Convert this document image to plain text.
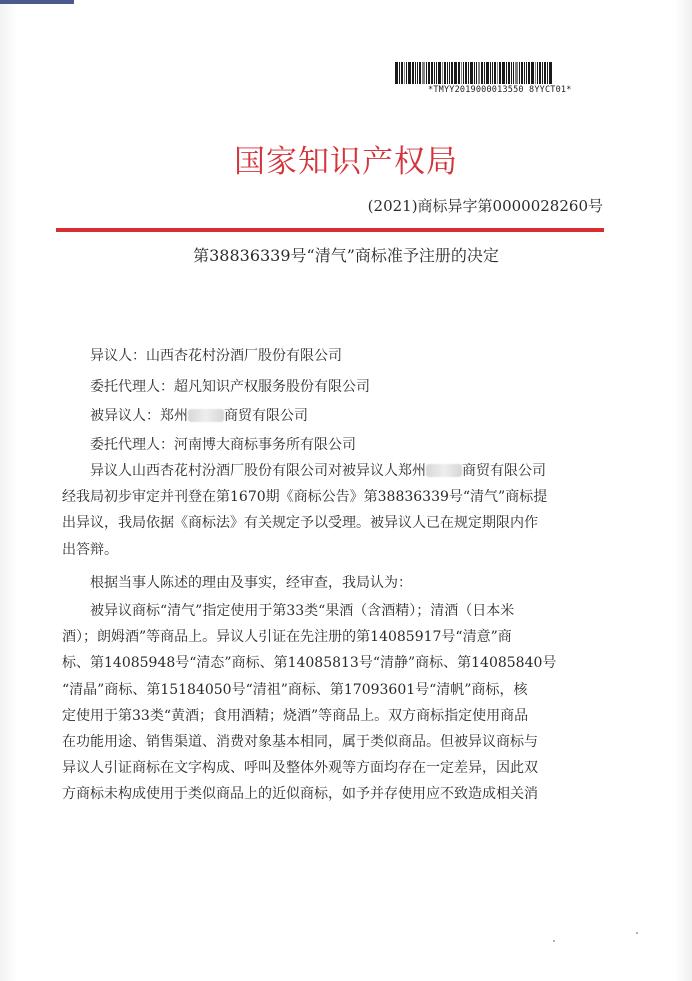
*TMYY2019000013550 8YYCT01*
国家知识产权局
(2021)商标异字第0000028260号
第38836339号“清气”商标准予注册的决定
异议人：山西杏花村汾酒厂股份有限公司
委托代理人：超凡知识产权服务股份有限公司
被异议人：郑州	商贸有限公司
委托代理人：河南博大商标事务所有限公司
异议人山西杏花村汾酒厂股份有限公司对被异议人郑州	商贸有限公司
经我局初步审定并刊登在第1670期《商标公告》第38836339号“清气”商标提
出异议，我局依据《商标法》有关规定予以受理。被异议人已在规定期限内作
出答辩。
根据当事人陈述的理由及事实，经审查，我局认为：
被异议商标“清气”指定使用于第33类“果酒（含酒精）；清酒（日本米
酒）；朗姆酒”等商品上。异议人引证在先注册的第14085917号“清意”商
标、第14085948号“清态”商标、第14085813号“清静”商标、第14085840号
“清晶”商标、第15184050号“清祖”商标、第17093601号“清帆”商标，核
定使用于第33类“黄酒；食用酒精；烧酒”等商品上。双方商标指定使用商品
在功能用途、销售渠道、消费对象基本相同，属于类似商品。但被异议商标与
异议人引证商标在文字构成、呼叫及整体外观等方面均存在一定差异，因此双
方商标未构成使用于类似商品上的近似商标，如予并存使用应不致造成相关消
